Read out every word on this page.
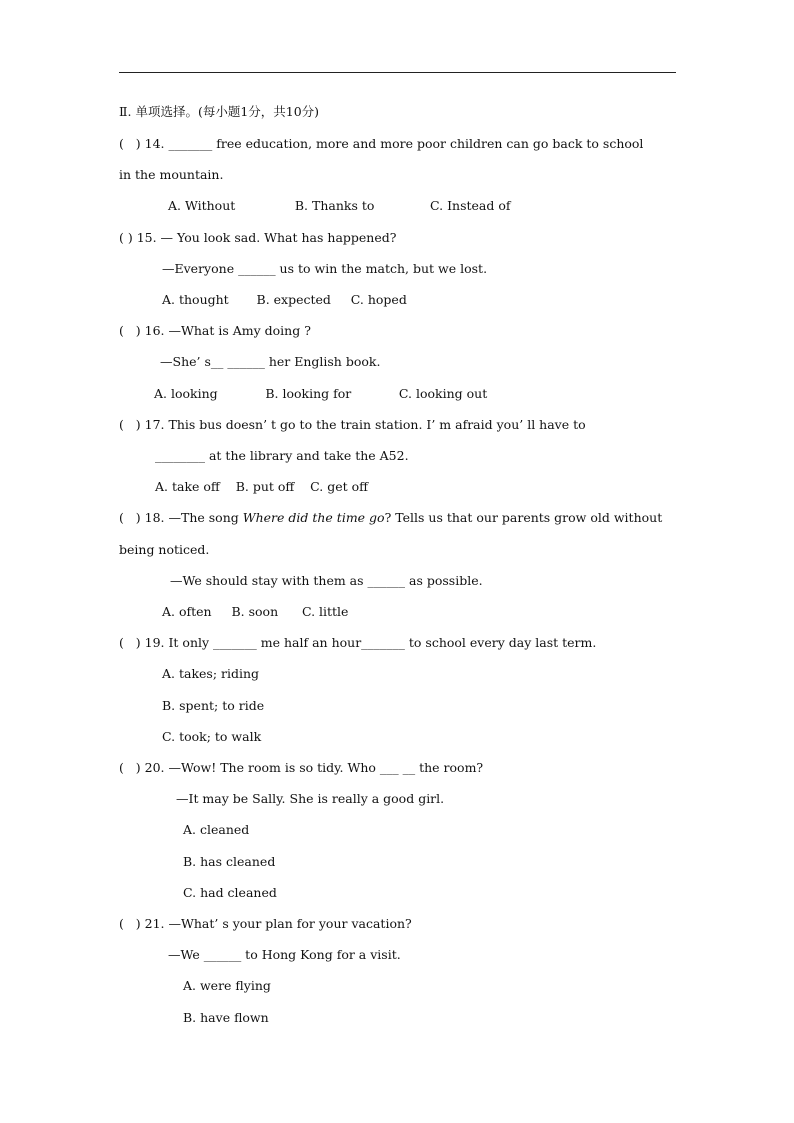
Ⅱ. 单项选择。(每小题1分，共10分)
(   ) 14. _______ free education, more and more poor children can go back to school
in the mountain.
A. Without               B. Thanks to              C. Instead of
( ) 15. — You look sad. What has happened?
—Everyone ______ us to win the match, but we lost.
A. thought       B. expected     C. hoped
(   ) 16. —What is Amy doing ?
—She’ s__ ______ her English book.
A. looking            B. looking for            C. looking out
(   ) 17. This bus doesn’ t go to the train station. I’ m afraid you’ ll have to
________ at the library and take the A52.
A. take off    B. put off    C. get off
(   ) 18. —The song Where did the time go? Tells us that our parents grow old without
being noticed.
—We should stay with them as ______ as possible.
A. often     B. soon      C. little
(   ) 19. It only _______ me half an hour_______ to school every day last term.
A. takes; riding
B. spent; to ride
C. took; to walk
(   ) 20. —Wow! The room is so tidy. Who ___ __ the room?
—It may be Sally. She is really a good girl.
A. cleaned
B. has cleaned
C. had cleaned
(   ) 21. —What’ s your plan for your vacation?
—We ______ to Hong Kong for a visit.
A. were flying
B. have flown
